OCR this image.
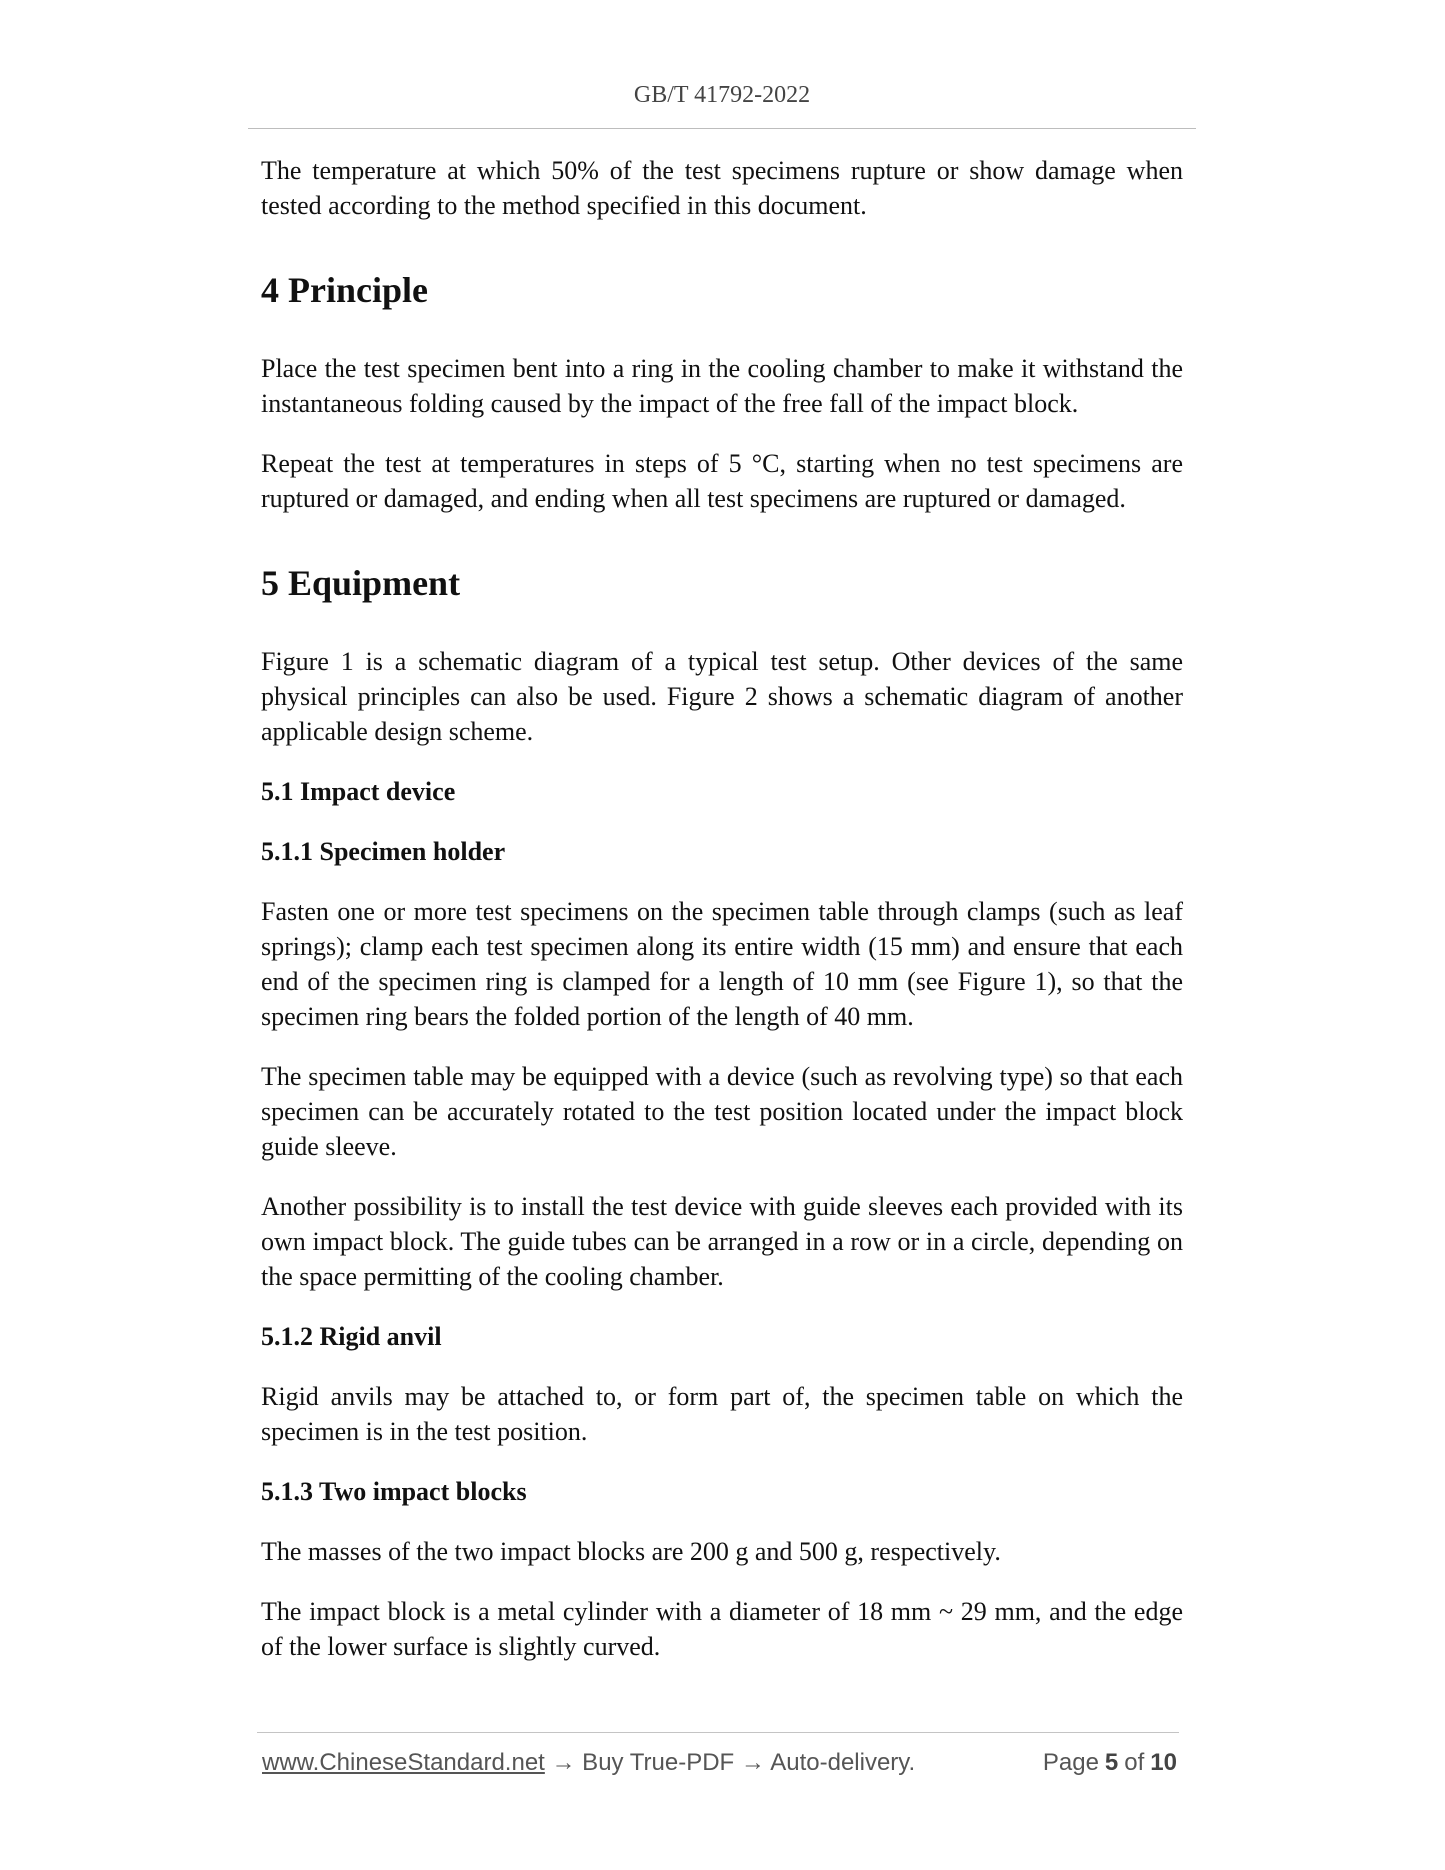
GB/T 41792-2022

The temperature at which 50% of the test specimens rupture or show damage when tested according to the method specified in this document.

4 Principle

Place the test specimen bent into a ring in the cooling chamber to make it withstand the instantaneous folding caused by the impact of the free fall of the impact block.

Repeat the test at temperatures in steps of 5 °C, starting when no test specimens are ruptured or damaged, and ending when all test specimens are ruptured or damaged.

5 Equipment

Figure 1 is a schematic diagram of a typical test setup. Other devices of the same physical principles can also be used. Figure 2 shows a schematic diagram of another applicable design scheme.

5.1 Impact device
5.1.1 Specimen holder

Fasten one or more test specimens on the specimen table through clamps (such as leaf springs); clamp each test specimen along its entire width (15 mm) and ensure that each end of the specimen ring is clamped for a length of 10 mm (see Figure 1), so that the specimen ring bears the folded portion of the length of 40 mm.

The specimen table may be equipped with a device (such as revolving type) so that each specimen can be accurately rotated to the test position located under the impact block guide sleeve.

Another possibility is to install the test device with guide sleeves each provided with its own impact block. The guide tubes can be arranged in a row or in a circle, depending on the space permitting of the cooling chamber.

5.1.2 Rigid anvil

Rigid anvils may be attached to, or form part of, the specimen table on which the specimen is in the test position.

5.1.3 Two impact blocks

The masses of the two impact blocks are 200 g and 500 g, respectively.

The impact block is a metal cylinder with a diameter of 18 mm ~ 29 mm, and the edge of the lower surface is slightly curved.

www.ChineseStandard.net → Buy True-PDF → Auto-delivery.	Page 5 of 10
